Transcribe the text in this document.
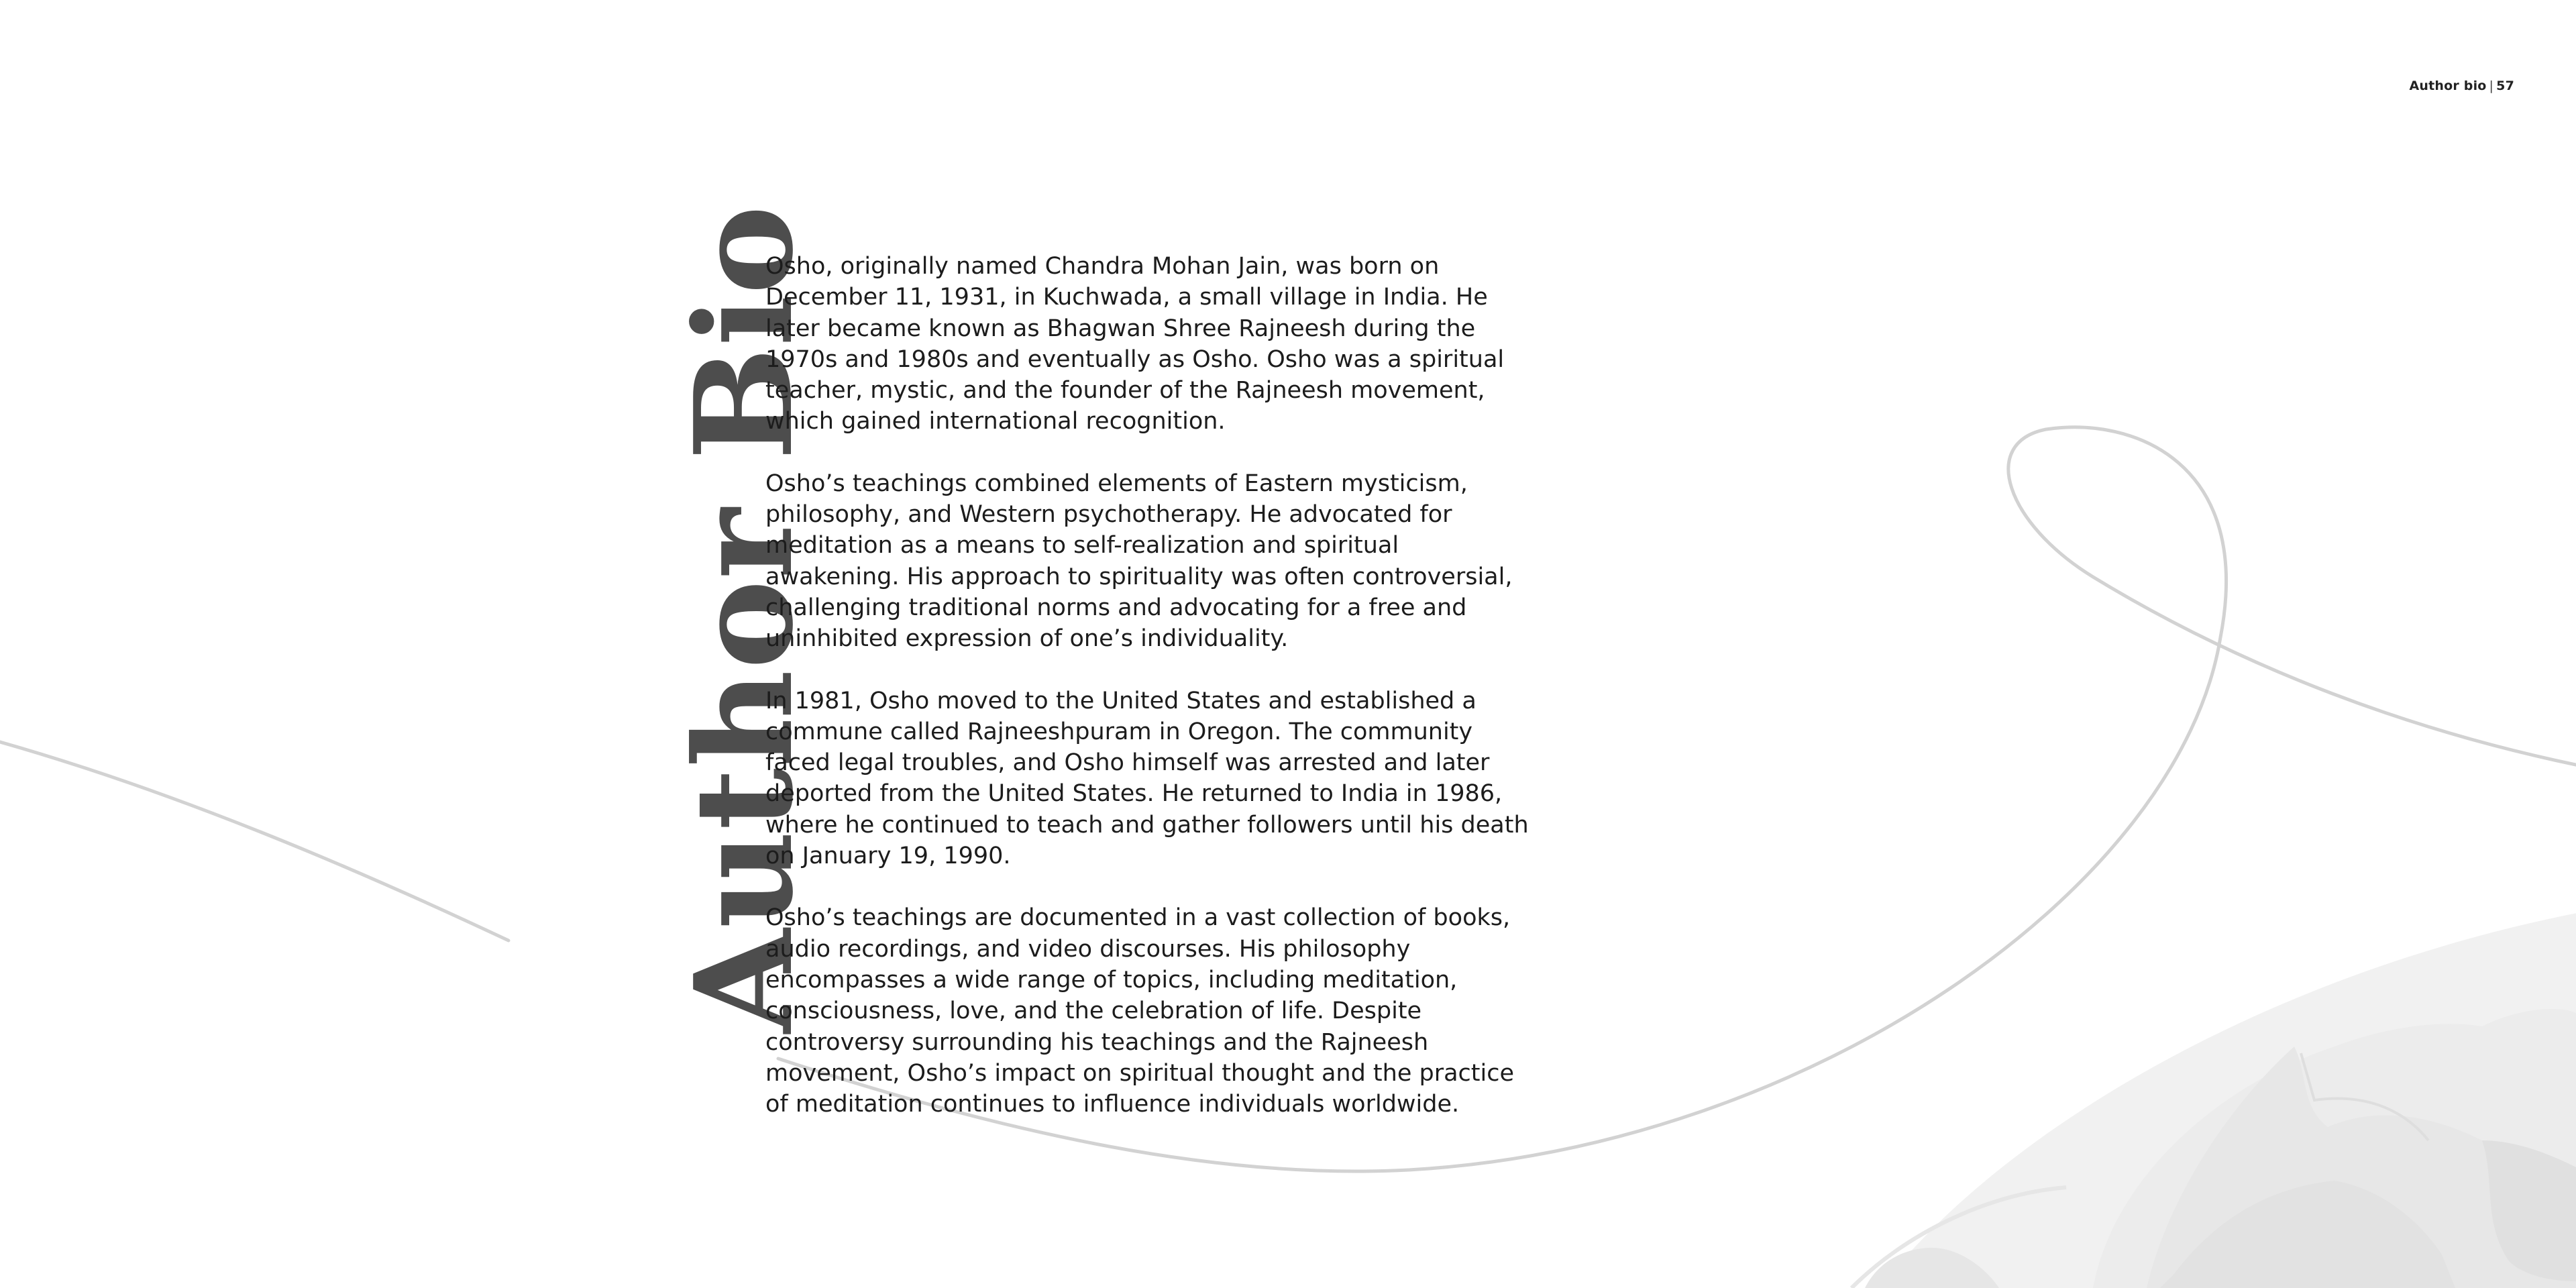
Author bio | 57
Author Bio

Osho, originally named Chandra Mohan Jain, was born on December 11, 1931, in Kuchwada, a small village in India. He later became known as Bhagwan Shree Rajneesh during the 1970s and 1980s and eventually as Osho. Osho was a spiritual teacher, mystic, and the founder of the Rajneesh movement, which gained international recognition.

Osho’s teachings combined elements of Eastern mysticism, philosophy, and Western psychotherapy. He advocated for meditation as a means to self-realization and spiritual awakening. His approach to spirituality was often controversial, challenging traditional norms and advocating for a free and uninhibited expression of one’s individuality.

In 1981, Osho moved to the United States and established a commune called Rajneeshpuram in Oregon. The community faced legal troubles, and Osho himself was arrested and later deported from the United States. He returned to India in 1986, where he continued to teach and gather followers until his death on January 19, 1990.

Osho’s teachings are documented in a vast collection of books, audio recordings, and video discourses. His philosophy encompasses a wide range of topics, including meditation, consciousness, love, and the celebration of life. Despite controversy surrounding his teachings and the Rajneesh movement, Osho’s impact on spiritual thought and the practice of meditation continues to influence individuals worldwide.
